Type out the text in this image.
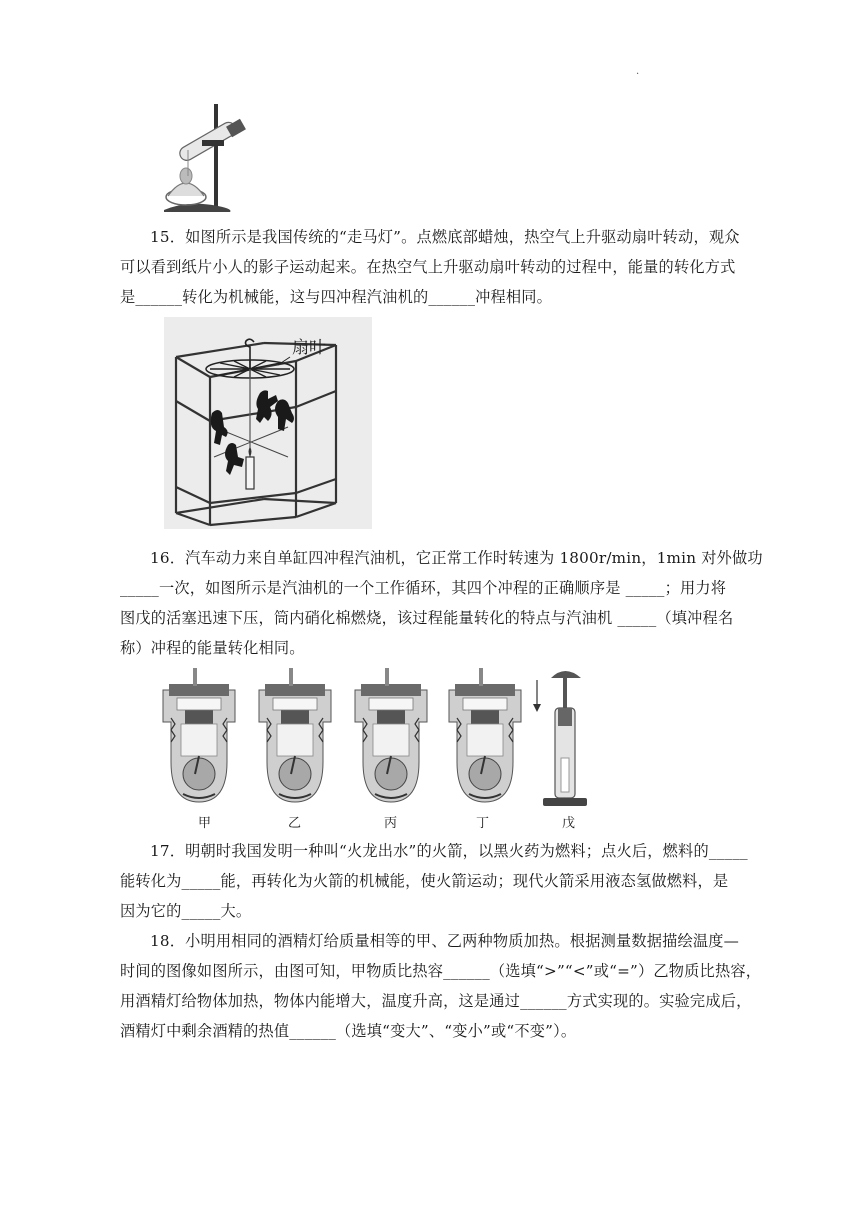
.

15．如图所示是我国传统的“走马灯”。点燃底部蜡烛，热空气上升驱动扇叶转动，观众
可以看到纸片小人的影子运动起来。在热空气上升驱动扇叶转动的过程中，能量的转化方式
是______转化为机械能，这与四冲程汽油机的______冲程相同。

扇叶

16．汽车动力来自单缸四冲程汽油机，它正常工作时转速为 1800r/min，1min 对外做功
_____一次，如图所示是汽油机的一个工作循环，其四个冲程的正确顺序是 _____；用力将
图戊的活塞迅速下压，筒内硝化棉燃烧，该过程能量转化的特点与汽油机 _____（填冲程名
称）冲程的能量转化相同。

甲	乙	丙	丁	戊

17．明朝时我国发明一种叫“火龙出水”的火箭，以黑火药为燃料；点火后，燃料的_____
能转化为_____能，再转化为火箭的机械能，使火箭运动；现代火箭采用液态氢做燃料，是
因为它的_____大。

18．小明用相同的酒精灯给质量相等的甲、乙两种物质加热。根据测量数据描绘温度—
时间的图像如图所示，由图可知，甲物质比热容______（选填“>”“<”或“=”）乙物质比热容，
用酒精灯给物体加热，物体内能增大，温度升高，这是通过______方式实现的。实验完成后，
酒精灯中剩余酒精的热值______（选填“变大”、“变小”或“不变”）。
